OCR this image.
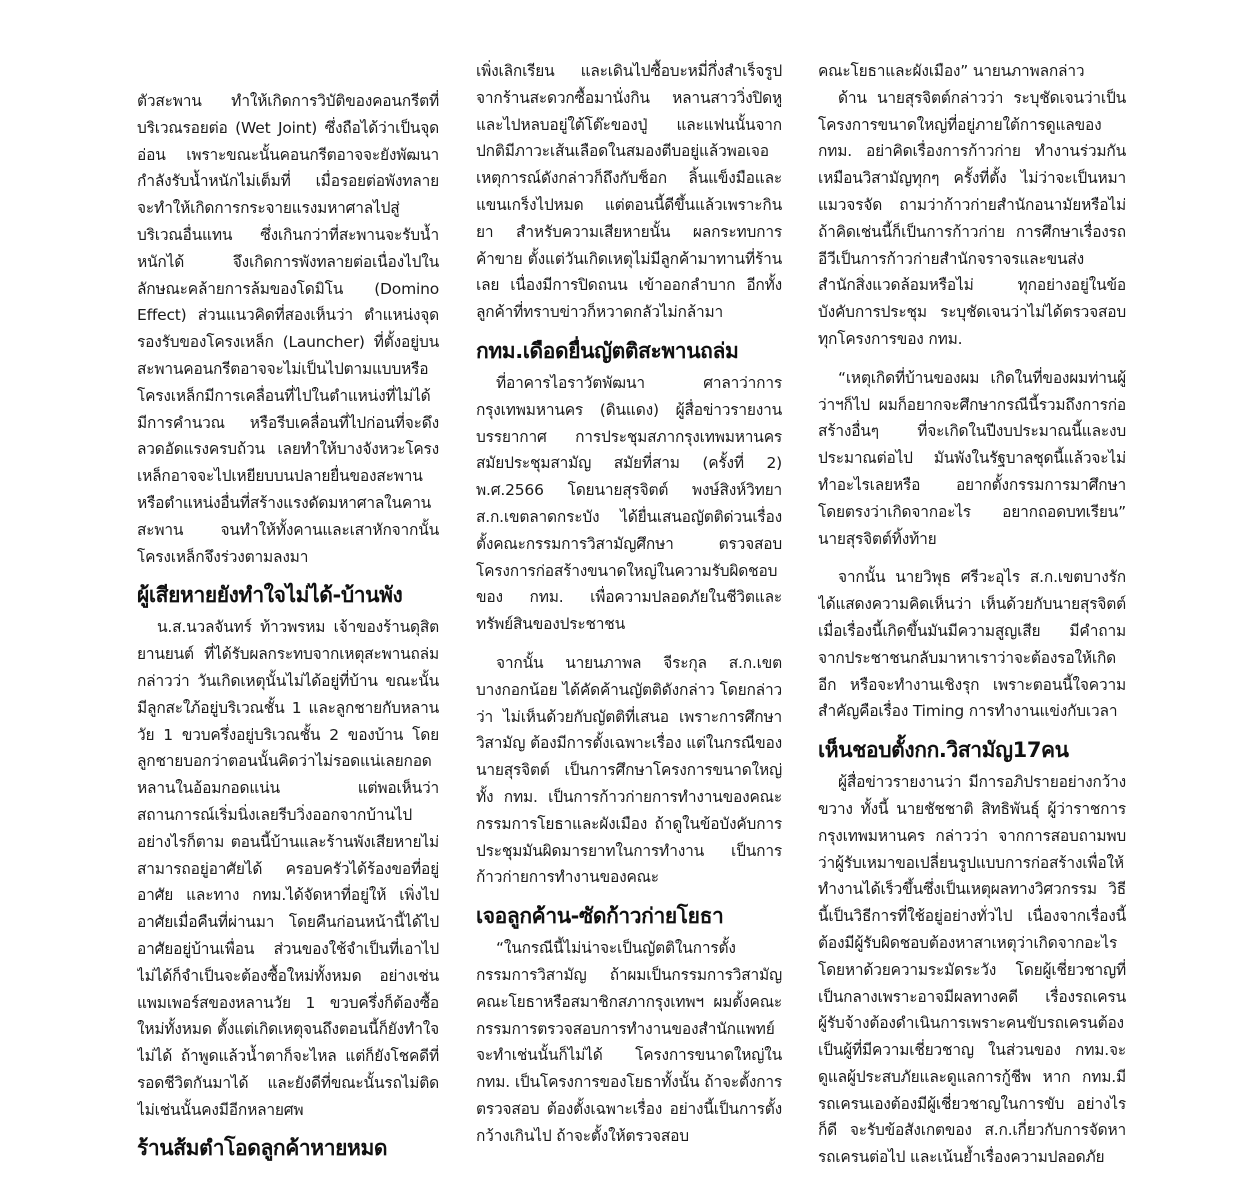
ตัวสะพาน ทำให้เกิดการวิบัติของคอนกรีตที่บริเวณรอยต่อ (Wet Joint) ซึ่งถือได้ว่าเป็นจุดอ่อน เพราะขณะนั้นคอนกรีตอาจจะยังพัฒนากำลังรับน้ำหนักไม่เต็มที่ เมื่อรอยต่อพังทลาย จะทำให้เกิดการกระจายแรงมหาศาลไปสู่บริเวณอื่นแทน ซึ่งเกินกว่าที่สะพานจะรับน้ำหนักได้ จึงเกิดการพังทลายต่อเนื่องไปในลักษณะคล้ายการล้มของโดมิโน (Domino Effect) ส่วนแนวคิดที่สองเห็นว่า ตำแหน่งจุดรองรับของโครงเหล็ก (Launcher) ที่ตั้งอยู่บนสะพานคอนกรีตอาจจะไม่เป็นไปตามแบบหรือโครงเหล็กมีการเคลื่อนที่ไปในตำแหน่งที่ไม่ได้มีการคำนวณ หรือรีบเคลื่อนที่ไปก่อนที่จะดึงลวดอัดแรงครบถ้วน เลยทำให้บางจังหวะโครงเหล็กอาจจะไปเหยียบบนปลายยื่นของสะพานหรือตำแหน่งอื่นที่สร้างแรงดัดมหาศาลในคานสะพาน จนทำให้ทั้งคานและเสาหักจากนั้นโครงเหล็กจึงร่วงตามลงมา

ผู้เสียหายยังทำใจไม่ได้-บ้านพัง

น.ส.นวลจันทร์ ท้าวพรหม เจ้าของร้านดุสิตยานยนต์ ที่ได้รับผลกระทบจากเหตุสะพานถล่ม กล่าวว่า วันเกิดเหตุนั้นไม่ได้อยู่ที่บ้าน ขณะนั้นมีลูกสะใภ้อยู่บริเวณชั้น 1 และลูกชายกับหลานวัย 1 ขวบครึ่งอยู่บริเวณชั้น 2 ของบ้าน โดยลูกชายบอกว่าตอนนั้นคิดว่าไม่รอดแน่เลยกอดหลานในอ้อมกอดแน่น แต่พอเห็นว่าสถานการณ์เริ่มนิ่งเลยรีบวิ่งออกจากบ้านไป อย่างไรก็ตาม ตอนนี้บ้านและร้านพังเสียหายไม่สามารถอยู่อาศัยได้ ครอบครัวได้ร้องขอที่อยู่อาศัย และทาง กทม.ได้จัดหาที่อยู่ให้ เพิ่งไปอาศัยเมื่อคืนที่ผ่านมา โดยคืนก่อนหน้านี้ได้ไปอาศัยอยู่บ้านเพื่อน ส่วนของใช้จำเป็นที่เอาไปไม่ได้ก็จำเป็นจะต้องซื้อใหม่ทั้งหมด อย่างเช่นแพมเพอร์สของหลานวัย 1 ขวบครึ่งก็ต้องซื้อใหม่ทั้งหมด ตั้งแต่เกิดเหตุจนถึงตอนนี้ก็ยังทำใจไม่ได้ ถ้าพูดแล้วน้ำตาก็จะไหล แต่ก็ยังโชคดีที่รอดชีวิตกันมาได้ และยังดีที่ขณะนั้นรถไม่ติด ไม่เช่นนั้นคงมีอีกหลายศพ

ร้านส้มตำโอดลูกค้าหายหมด

เพิ่งเลิกเรียน และเดินไปซื้อบะหมี่กึ่งสำเร็จรูปจากร้านสะดวกซื้อมานั่งกิน หลานสาววิ่งปิดหูและไปหลบอยู่ใต้โต๊ะของปู่ และแฟนนั้นจากปกติมีภาวะเส้นเลือดในสมองตีบอยู่แล้วพอเจอเหตุการณ์ดังกล่าวก็ถึงกับช็อก ลิ้นแข็งมือและแขนเกร็งไปหมด แต่ตอนนี้ดีขึ้นแล้วเพราะกินยา สำหรับความเสียหายนั้น ผลกระทบการค้าขาย ตั้งแต่วันเกิดเหตุไม่มีลูกค้ามาทานที่ร้านเลย เนื่องมีการปิดถนน เข้าออกลำบาก อีกทั้งลูกค้าที่ทราบข่าวก็หวาดกลัวไม่กล้ามา

กทม.เดือดยื่นญัตติสะพานถล่ม

ที่อาคารไอราวัตพัฒนา ศาลาว่าการกรุงเทพมหานคร (ดินแดง) ผู้สื่อข่าวรายงานบรรยากาศ การประชุมสภากรุงเทพมหานครสมัยประชุมสามัญ สมัยที่สาม (ครั้งที่ 2) พ.ศ.2566 โดยนายสุรจิตต์ พงษ์สิงห์วิทยา ส.ก.เขตลาดกระบัง ได้ยื่นเสนอญัตติด่วนเรื่องตั้งคณะกรรมการวิสามัญศึกษา ตรวจสอบโครงการก่อสร้างขนาดใหญ่ในความรับผิดชอบของ กทม. เพื่อความปลอดภัยในชีวิตและทรัพย์สินของประชาชน

จากนั้น นายนภาพล จีระกุล ส.ก.เขตบางกอกน้อย ได้คัดค้านญัตติดังกล่าว โดยกล่าวว่า ไม่เห็นด้วยกับญัตติที่เสนอ เพราะการศึกษาวิสามัญ ต้องมีการตั้งเฉพาะเรื่อง แต่ในกรณีของนายสุรจิตต์ เป็นการศึกษาโครงการขนาดใหญ่ทั้ง กทม. เป็นการก้าวก่ายการทำงานของคณะกรรมการโยธาและผังเมือง ถ้าดูในข้อบังคับการประชุมมันผิดมารยาทในการทำงาน เป็นการก้าวก่ายการทำงานของคณะ

เจอลูกค้าน-ซัดก้าวก่ายโยธา

“ในกรณีนี้ไม่น่าจะเป็นญัตติในการตั้งกรรมการวิสามัญ ถ้าผมเป็นกรรมการวิสามัญคณะโยธาหรือสมาชิกสภากรุงเทพฯ ผมตั้งคณะกรรมการตรวจสอบการทำงานของสำนักแพทย์ จะทำเช่นนั้นก็ไม่ได้ โครงการขนาดใหญ่ใน กทม. เป็นโครงการของโยธาทั้งนั้น ถ้าจะตั้งการตรวจสอบ ต้องตั้งเฉพาะเรื่อง อย่างนี้เป็นการตั้งกว้างเกินไป ถ้าจะตั้งให้ตรวจสอบ

คณะโยธาและผังเมือง” นายนภาพลกล่าว

ด้าน นายสุรจิตต์กล่าวว่า ระบุชัดเจนว่าเป็นโครงการขนาดใหญ่ที่อยู่ภายใต้การดูแลของ กทม. อย่าคิดเรื่องการก้าวก่าย ทำงานร่วมกัน เหมือนวิสามัญทุกๆ ครั้งที่ตั้ง ไม่ว่าจะเป็นหมาแมวจรจัด ถามว่าก้าวก่ายสำนักอนามัยหรือไม่ ถ้าคิดเช่นนี้ก็เป็นการก้าวก่าย การศึกษาเรื่องรถอีวีเป็นการก้าวก่ายสำนักจราจรและขนส่ง สำนักสิ่งแวดล้อมหรือไม่ ทุกอย่างอยู่ในข้อบังคับการประชุม ระบุชัดเจนว่าไม่ได้ตรวจสอบทุกโครงการของ กทม.

“เหตุเกิดที่บ้านของผม เกิดในที่ของผมท่านผู้ว่าฯก็ไป ผมก็อยากจะศึกษากรณีนี้รวมถึงการก่อสร้างอื่นๆ ที่จะเกิดในปีงบประมาณนี้และงบประมาณต่อไป มันพังในรัฐบาลชุดนี้แล้วจะไม่ทำอะไรเลยหรือ อยากตั้งกรรมการมาศึกษาโดยตรงว่าเกิดจากอะไร อยากถอดบทเรียน” นายสุรจิตต์ทิ้งท้าย

จากนั้น นายวิพุธ ศรีวะอุไร ส.ก.เขตบางรัก ได้แสดงความคิดเห็นว่า เห็นด้วยกับนายสุรจิตต์ เมื่อเรื่องนี้เกิดขึ้นมันมีความสูญเสีย มีคำถามจากประชาชนกลับมาหาเราว่าจะต้องรอให้เกิดอีก หรือจะทำงานเชิงรุก เพราะตอนนี้ใจความสำคัญคือเรื่อง Timing การทำงานแข่งกับเวลา

เห็นชอบตั้งกก.วิสามัญ17คน

ผู้สื่อข่าวรายงานว่า มีการอภิปรายอย่างกว้างขวาง ทั้งนี้ นายชัชชาติ สิทธิพันธุ์ ผู้ว่าราชการกรุงเทพมหานคร กล่าวว่า จากการสอบถามพบว่าผู้รับเหมาขอเปลี่ยนรูปแบบการก่อสร้างเพื่อให้ทำงานได้เร็วขึ้นซึ่งเป็นเหตุผลทางวิศวกรรม วิธีนี้เป็นวิธีการที่ใช้อยู่อย่างทั่วไป เนื่องจากเรื่องนี้ต้องมีผู้รับผิดชอบต้องหาสาเหตุว่าเกิดจากอะไร โดยหาด้วยความระมัดระวัง โดยผู้เชี่ยวชาญที่เป็นกลางเพราะอาจมีผลทางคดี เรื่องรถเครน ผู้รับจ้างต้องดำเนินการเพราะคนขับรถเครนต้องเป็นผู้ที่มีความเชี่ยวชาญ ในส่วนของ กทม.จะดูแลผู้ประสบภัยและดูแลการกู้ชีพ หาก กทม.มีรถเครนเองต้องมีผู้เชี่ยวชาญในการขับ อย่างไรก็ดี จะรับข้อสังเกตของ ส.ก.เกี่ยวกับการจัดหารถเครนต่อไป และเน้นย้ำเรื่องความปลอดภัย
